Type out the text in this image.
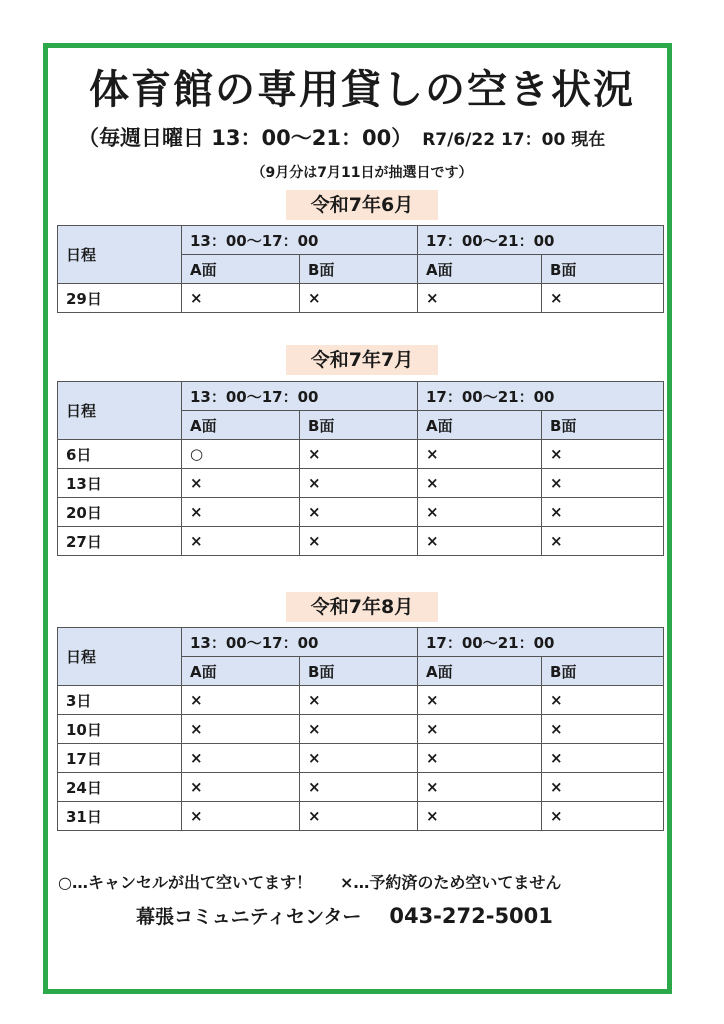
体育館の専用貸しの空き状況
（毎週日曜日 13：00〜21：00） R7/6/22 17：00 現在
（9月分は7月11日が抽選日です）
令和7年6月
日程	13：00〜17：00		17：00〜21：00	
	A面	B面	A面	B面
29日	×	×	×	×
令和7年7月
日程	13：00〜17：00		17：00〜21：00	
	A面	B面	A面	B面
6日	○	×	×	×
13日	×	×	×	×
20日	×	×	×	×
27日	×	×	×	×
令和7年8月
日程	13：00〜17：00		17：00〜21：00	
	A面	B面	A面	B面
3日	×	×	×	×
10日	×	×	×	×
17日	×	×	×	×
24日	×	×	×	×
31日	×	×	×	×
○…キャンセルが出て空いてます！ ×…予約済のため空いてません
幕張コミュニティセンター 043-272-5001
